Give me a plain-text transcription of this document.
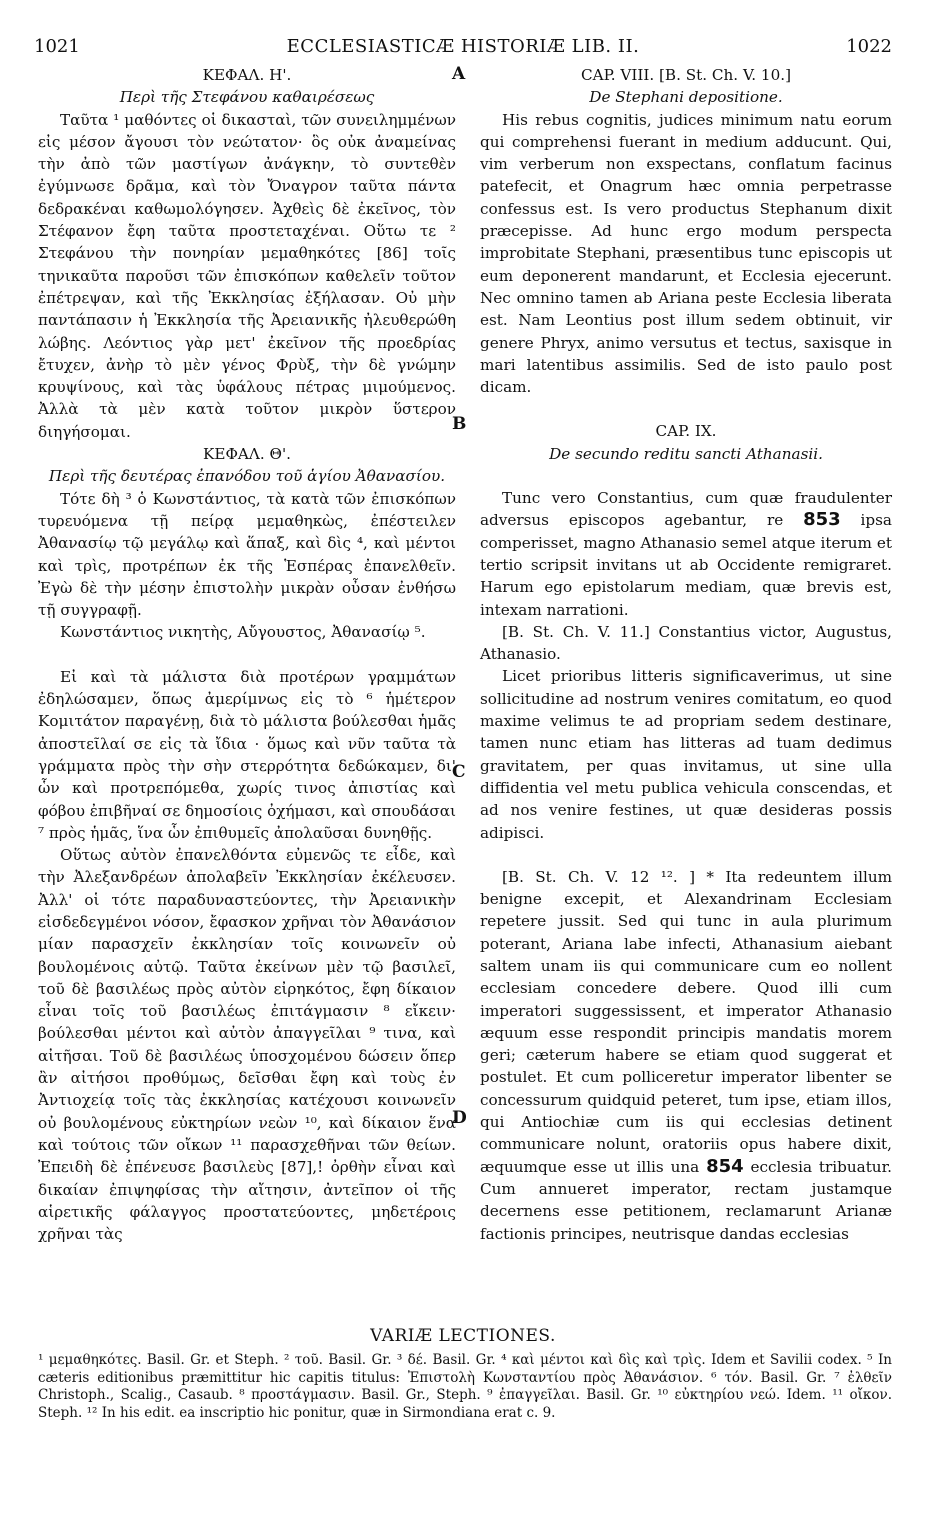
1021	ECCLESIASTICÆ HISTORIÆ LIB. II.	1022
A
B
C
D

ΚΕΦΑΛ. Η'.

Περὶ τῆς Στεφάνου καθαιρέσεως

Ταῦτα ¹ μαθόντες οἱ δικασταὶ, τῶν συνειλημμένων εἰς μέσον ἄγουσι τὸν νεώτατον· ὃς οὐκ ἀναμείνας τὴν ἀπὸ τῶν μαστίγων ἀνάγκην, τὸ συντεθὲν ἐγύμνωσε δρᾶμα, καὶ τὸν Ὄναγρον ταῦτα πάντα δεδρακέναι καθωμολόγησεν. Ἀχθεὶς δὲ ἐκεῖνος, τὸν Στέφανον ἔφη ταῦτα προστεταχέναι. Οὕτω τε ² Στεφάνου τὴν πονηρίαν μεμαθηκότες [86] τοῖς τηνικαῦτα παροῦσι τῶν ἐπισκόπων καθελεῖν τοῦτον ἐπέτρεψαν, καὶ τῆς Ἐκκλησίας ἐξήλασαν. Οὐ μὴν παντάπασιν ἡ Ἐκκλησία τῆς Ἀρειανικῆς ἠλευθερώθη λώβης. Λεόντιος γὰρ μετ' ἐκεῖνον τῆς προεδρίας ἔτυχεν, ἀνὴρ τὸ μὲν γένος Φρὺξ, τὴν δὲ γνώμην κρυψίνους, καὶ τὰς ὑφάλους πέτρας μιμούμενος. Ἀλλὰ τὰ μὲν κατὰ τοῦτον μικρὸν ὕστερον διηγήσομαι.

ΚΕΦΑΛ. Θ'.

Περὶ τῆς δευτέρας ἐπανόδου τοῦ ἁγίου Ἀθανασίου.

Τότε δὴ ³ ὁ Κωνστάντιος, τὰ κατὰ τῶν ἐπισκόπων τυρευόμενα τῇ πείρᾳ μεμαθηκὼς, ἐπέστειλεν Ἀθανασίῳ τῷ μεγάλῳ καὶ ἅπαξ, καὶ δὶς ⁴, καὶ μέντοι καὶ τρὶς, προτρέπων ἐκ τῆς Ἑσπέρας ἐπανελθεῖν. Ἐγὼ δὲ τὴν μέσην ἐπιστολὴν μικρὰν οὖσαν ἐνθήσω τῇ συγγραφῇ.

Κωνστάντιος νικητὴς, Αὔγουστος, Ἀθανασίῳ ⁵.

Εἰ καὶ τὰ μάλιστα διὰ προτέρων γραμμάτων ἐδηλώσαμεν, ὅπως ἀμερίμνως εἰς τὸ ⁶ ἡμέτερον Κομιτάτον παραγένῃ, διὰ τὸ μάλιστα βούλεσθαι ἡμᾶς ἀποστεῖλαί σε εἰς τὰ ἴδια · ὅμως καὶ νῦν ταῦτα τὰ γράμματα πρὸς τὴν σὴν στερρότητα δεδώκαμεν, δι' ὧν καὶ προτρεπόμεθα, χωρίς τινος ἀπιστίας καὶ φόβου ἐπιβῆναί σε δημοσίοις ὀχήμασι, καὶ σπουδάσαι ⁷ πρὸς ἡμᾶς, ἵνα ὧν ἐπιθυμεῖς ἀπολαῦσαι δυνηθῇς.

Οὕτως αὐτὸν ἐπανελθόντα εὐμενῶς τε εἶδε, καὶ τὴν Ἀλεξανδρέων ἀπολαβεῖν Ἐκκλησίαν ἐκέλευσεν. Ἀλλ' οἱ τότε παραδυναστεύοντες, τὴν Ἀρειανικὴν εἰσδεδεγμένοι νόσον, ἔφασκον χρῆναι τὸν Ἀθανάσιον μίαν παρασχεῖν ἐκκλησίαν τοῖς κοινωνεῖν οὐ βουλομένοις αὐτῷ. Ταῦτα ἐκείνων μὲν τῷ βασιλεῖ, τοῦ δὲ βασιλέως πρὸς αὐτὸν εἰρηκότος, ἔφη δίκαιον εἶναι τοῖς τοῦ βασιλέως ἐπιτάγμασιν ⁸ εἴκειν· βούλεσθαι μέντοι καὶ αὐτὸν ἀπαγγεῖλαι ⁹ τινα, καὶ αἰτῆσαι. Τοῦ δὲ βασιλέως ὑποσχομένου δώσειν ὅπερ ἂν αἰτήσοι προθύμως, δεῖσθαι ἔφη καὶ τοὺς ἐν Ἀντιοχείᾳ τοῖς τὰς ἐκκλησίας κατέχουσι κοινωνεῖν οὐ βουλομένους εὐκτηρίων νεὼν ¹⁰, καὶ δίκαιον ἕνα καὶ τούτοις τῶν οἴκων ¹¹ παρασχεθῆναι τῶν θείων. Ἐπειδὴ δὲ ἐπένευσε βασιλεὺς [87],! ὀρθὴν εἶναι καὶ δικαίαν ἐπιψηφίσας τὴν αἴτησιν, ἀντεῖπον οἱ τῆς αἱρετικῆς φάλαγγος προστατεύοντες, μηδετέροις χρῆναι τὰς

CAP. VIII. [B. St. Ch. V. 10.]

De Stephani depositione.

His rebus cognitis, judices minimum natu eorum qui comprehensi fuerant in medium adducunt. Qui, vim verberum non exspectans, conflatum facinus patefecit, et Onagrum hæc omnia perpetrasse confessus est. Is vero productus Stephanum dixit præcepisse. Ad hunc ergo modum perspecta improbitate Stephani, præsentibus tunc episcopis ut eum deponerent mandarunt, et Ecclesia ejecerunt. Nec omnino tamen ab Ariana peste Ecclesia liberata est. Nam Leontius post illum sedem obtinuit, vir genere Phryx, animo versutus et tectus, saxisque in mari latentibus assimilis. Sed de isto paulo post dicam.

CAP. IX.

De secundo reditu sancti Athanasii.

Tunc vero Constantius, cum quæ fraudulenter adversus episcopos agebantur, re 853 ipsa comperisset, magno Athanasio semel atque iterum et tertio scripsit invitans ut ab Occidente remigraret. Harum ego epistolarum mediam, quæ brevis est, intexam narrationi.

[B. St. Ch. V. 11.] Constantius victor, Augustus, Athanasio.

Licet prioribus litteris significaverimus, ut sine sollicitudine ad nostrum venires comitatum, eo quod maxime velimus te ad propriam sedem destinare, tamen nunc etiam has litteras ad tuam dedimus gravitatem, per quas invitamus, ut sine ulla diffidentia vel metu publica vehicula conscendas, et ad nos venire festines, ut quæ desideras possis adipisci.

[B. St. Ch. V. 12 ¹². ] * Ita redeuntem illum benigne excepit, et Alexandrinam Ecclesiam repetere jussit. Sed qui tunc in aula plurimum poterant, Ariana labe infecti, Athanasium aiebant saltem unam iis qui communicare cum eo nollent ecclesiam concedere debere. Quod illi cum imperatori suggessissent, et imperator Athanasio æquum esse respondit principis mandatis morem geri; cæterum habere se etiam quod suggerat et postulet. Et cum polliceretur imperator libenter se concessurum quidquid peteret, tum ipse, etiam illos, qui Antiochiæ cum iis qui ecclesias detinent communicare nolunt, oratoriis opus habere dixit, æquumque esse ut illis una 854 ecclesia tribuatur. Cum annueret imperator, rectam justamque decernens esse petitionem, reclamarunt Arianæ factionis principes, neutrisque dandas ecclesias

VARIÆ LECTIONES.
¹ μεμαθηκότες. Basil. Gr. et Steph. ² τοῦ. Basil. Gr. ³ δέ. Basil. Gr. ⁴ καὶ μέντοι καὶ δὶς καὶ τρὶς. Idem et Savilii codex. ⁵ In cæteris editionibus præmittitur hic capitis titulus: Ἐπιστολὴ Κωνσταντίου πρὸς Ἀθανάσιον. ⁶ τόν. Basil. Gr. ⁷ ἐλθεῖν Christoph., Scalig., Casaub. ⁸ προστάγμασιν. Basil. Gr., Steph. ⁹ ἐπαγγεῖλαι. Basil. Gr. ¹⁰ εὐκτηρίου νεώ. Idem. ¹¹ οἴκον. Steph. ¹² In his edit. ea inscriptio hic ponitur, quæ in Sirmondiana erat c. 9.
